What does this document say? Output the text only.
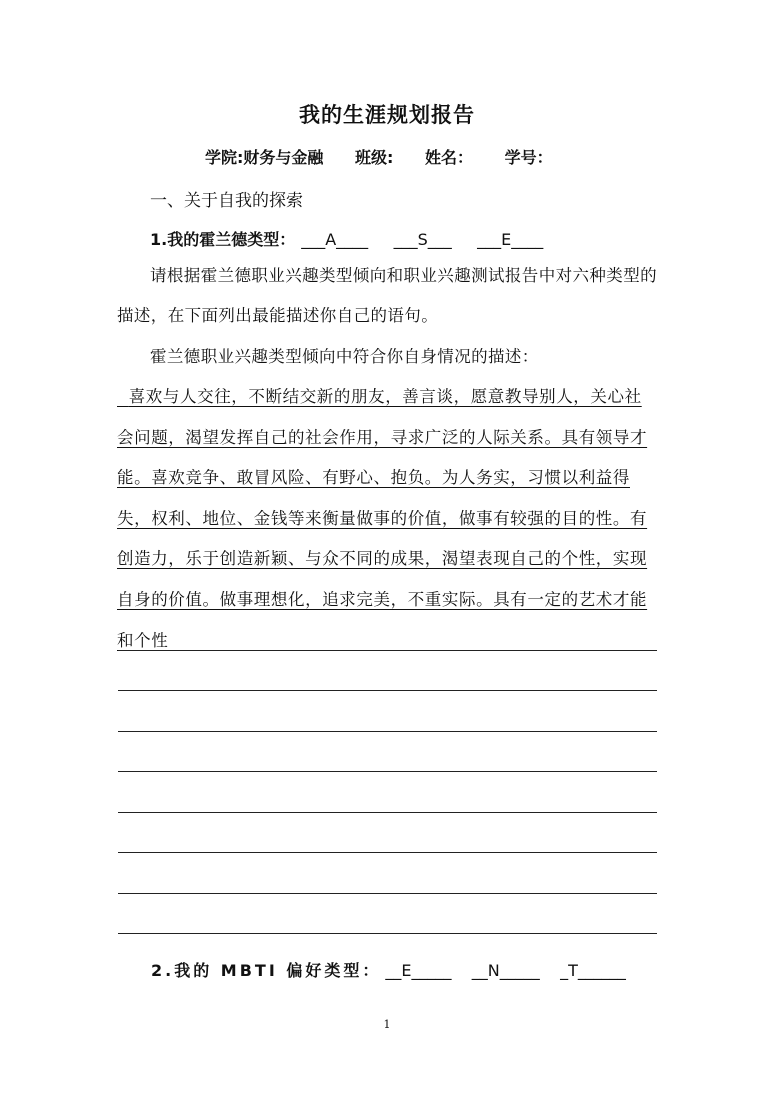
我的生涯规划报告
学院:财务与金融 班级: 姓名： 学号：
一、关于自我的探索
1.我的霍兰德类型： ___A____     ___S___     ___E____
请根据霍兰德职业兴趣类型倾向和职业兴趣测试报告中对六种类型的描述，在下面列出最能描述你自己的语句。
霍兰德职业兴趣类型倾向中符合你自身情况的描述：
喜欢与人交往，不断结交新的朋友，善言谈，愿意教导别人，关心社会问题，渴望发挥自己的社会作用，寻求广泛的人际关系。具有领导才能。喜欢竞争、敢冒风险、有野心、抱负。为人务实，习惯以利益得失，权利、地位、金钱等来衡量做事的价值，做事有较强的目的性。有创造力，乐于创造新颖、与众不同的成果，渴望表现自己的个性，实现自身的价值。做事理想化，追求完美，不重实际。具有一定的艺术才能和个性
2.我的 MBTI 偏好类型： __E_____    __N_____    _T______
1
